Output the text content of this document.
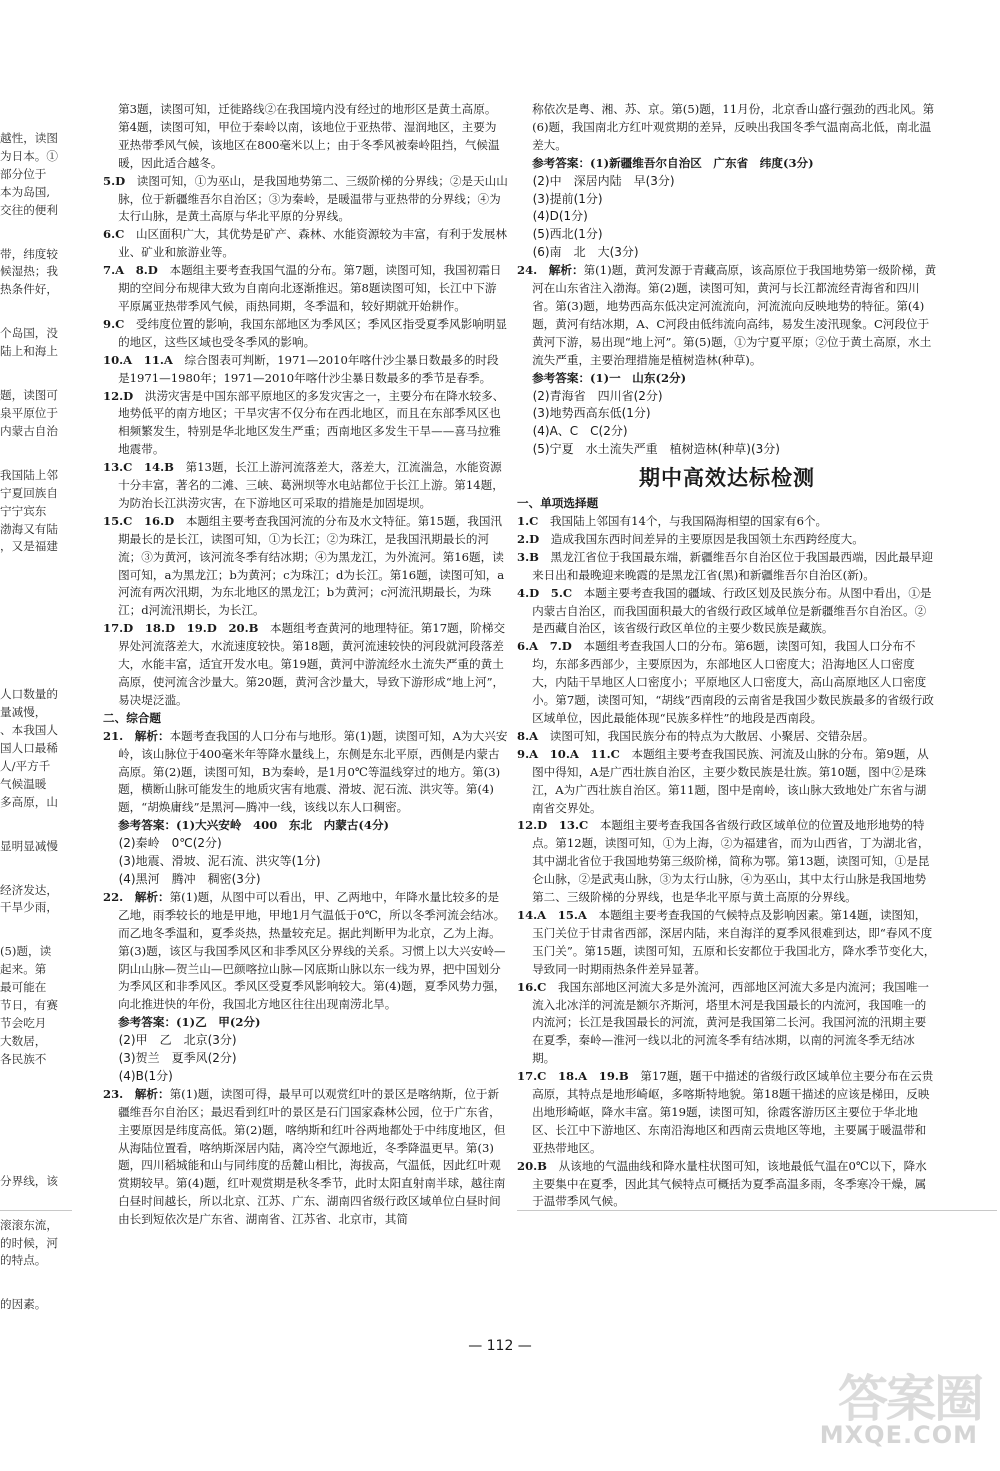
越性，读图

为日本。①

部分位于

本为岛国,

交往的便利

带，纬度较

候湿热；我

热条件好，

个岛国，没

陆上和海上

题，读图可

泉平原位于

内蒙古自治

我国陆上邻

宁夏回族自

宁宁宾东

渤海又有陆

，又是福建

人口数量的

量减慢，

、本我国人

国人口最稀

人/平方千

气候温暖

多高原，山

显明显减慢

经济发达，

干旱少雨，

(5)题，读

起来。第

最可能在

节日，有赛

节会吃月

大数居，

各民族不

分界线，该

滚滚东流，

的时候，河

的特点。

的因素。

第3题，读图可知，迁徙路线②在我国境内没有经过的地形区是黄土高原。第4题，读图可知，甲位于秦岭以南，该地位于亚热带、湿润地区，主要为亚热带季风气候，该地区在800毫米以上；由于冬季风被秦岭阻挡，气候温暖，因此适合越冬。

5.D　 读图可知，①为巫山，是我国地势第二、三级阶梯的分界线；②是天山山脉，位于新疆维吾尔自治区；③为秦岭，是暖温带与亚热带的分界线；④为太行山脉，是黄土高原与华北平原的分界线。

6.C　 山区面积广大，其优势是矿产、森林、水能资源较为丰富，有利于发展林业、矿业和旅游业等。

7.A　8.D　 本题组主要考查我国气温的分布。第7题，读图可知，我国初霜日期的空间分布规律大致为自南向北逐渐推迟。第8题读图可知，长江中下游平原属亚热带季风气候，雨热同期，冬季温和，较好期就开始耕作。

9.C　 受纬度位置的影响，我国东部地区为季风区；季风区指受夏季风影响明显的地区，这些区域也受冬季风的影响。

10.A　11.A　 综合图表可判断，1971—2010年喀什沙尘暴日数最多的时段是1971—1980年；1971—2010年喀什沙尘暴日数最多的季节是春季。

12.D　 洪涝灾害是中国东部平原地区的多发灾害之一，主要分布在降水较多、地势低平的南方地区；干旱灾害不仅分布在西北地区，而且在东部季风区也相频繁发生，特别是华北地区发生严重；西南地区多发生干旱——喜马拉雅地震带。

13.C　14.B　 第13题，长江上游河流落差大，落差大，江流湍急，水能资源十分丰富，著名的二滩、三峡、葛洲坝等水电站都位于长江上游。第14题，为防治长江洪涝灾害，在下游地区可采取的措施是加固堤坝。

15.C　16.D　 本题组主要考查我国河流的分布及水文特征。第15题，我国汛期最长的是长江，读图可知，①为长江；②为珠江，是我国汛期最长的河流；③为黄河，该河流冬季有结冰期；④为黑龙江，为外流河。第16题，读图可知，a为黑龙江；b为黄河；c为珠江；d为长江。第16题，读图可知，a河流有两次汛期，为东北地区的黑龙江；b为黄河；c河流汛期最长，为珠江；d河流汛期长，为长江。

17.D　18.D　19.D　20.B　 本题组考查黄河的地理特征。第17题，阶梯交界处河流落差大，水流速度较快。第18题，黄河流速较快的河段就河段落差大，水能丰富，适宜开发水电。第19题，黄河中游流经水土流失严重的黄土高原，使河流含沙量大。第20题，黄河含沙量大，导致下游形成“地上河”，易决堤泛滥。

二、综合题

21.　 解析：本题考查我国的人口分布与地形。第(1)题，读图可知，A为大兴安岭，该山脉位于400毫米年等降水量线上，东侧是东北平原，西侧是内蒙古高原。第(2)题，读图可知，B为秦岭，是1月0℃等温线穿过的地方。第(3)题，横断山脉可能发生的地质灾害有地震、滑坡、泥石流、洪灾等。第(4)题，“胡焕庸线”是黑河—腾冲一线，该线以东人口稠密。

参考答案：(1)大兴安岭　400　东北　内蒙古(4分)

(2)秦岭　0℃(2分)

(3)地震、滑坡、泥石流、洪灾等(1分)

(4)黑河　腾冲　稠密(3分)

22.　 解析：第(1)题，从图中可以看出，甲、乙两地中，年降水量比较多的是乙地，雨季较长的地是甲地，甲地1月气温低于0℃，所以冬季河流会结冰。而乙地冬季温和，夏季炎热，热量较充足。据此判断甲为北京，乙为上海。第(3)题，该区与我国季风区和非季风区分界线的关系。习惯上以大兴安岭—阴山山脉—贺兰山—巴颜喀拉山脉—冈底斯山脉以东一线为界，把中国划分为季风区和非季风区。季风区受夏季风影响较大。第(4)题，夏季风势力强，向北推进快的年份，我国北方地区往往出现南涝北旱。

参考答案：(1)乙　甲(2分)

(2)甲　乙　北京(3分)

(3)贺兰　夏季风(2分)

(4)B(1分)

23.　 解析：第(1)题，读图可得，最早可以观赏红叶的景区是喀纳斯，位于新疆维吾尔自治区；最迟看到红叶的景区是石门国家森林公园，位于广东省，主要原因是纬度高低。第(2)题，喀纳斯和红叶谷两地都处于中纬度地区，但从海陆位置看，喀纳斯深居内陆，离冷空气源地近，冬季降温更早。第(3)题，四川稻城能和山与同纬度的岳麓山相比，海拔高，气温低，因此红叶观赏期较早。第(4)题，红叶观赏期是秋冬季节，此时太阳直射南半球，越往南白昼时间越长，所以北京、江苏、广东、湖南四省级行政区域单位白昼时间由长到短依次是广东省、湖南省、江苏省、北京市，其简

称依次是粤、湘、苏、京。第(5)题，11月份，北京香山盛行强劲的西北风。第(6)题，我国南北方红叶观赏期的差异，反映出我国冬季气温南高北低，南北温差大。

参考答案：(1)新疆维吾尔自治区　广东省　纬度(3分)

(2)中　深居内陆　早(3分)

(3)提前(1分)

(4)D(1分)

(5)西北(1分)

(6)南　北　大(3分)

24.　 解析：第(1)题，黄河发源于青藏高原，该高原位于我国地势第一级阶梯，黄河在山东省注入渤海。第(2)题，读图可知，黄河与长江都流经青海省和四川省。第(3)题，地势西高东低决定河流流向，河流流向反映地势的特征。第(4)题，黄河有结冰期，A、C河段由低纬流向高纬，易发生凌汛现象。C河段位于黄河下游，易出现“地上河”。第(5)题，①为宁夏平原；②位于黄土高原，水土流失严重，主要治理措施是植树造林(种草)。

参考答案：(1)一　山东(2分)

(2)青海省　四川省(2分)

(3)地势西高东低(1分)

(4)A、C　C(2分)

(5)宁夏　水土流失严重　植树造林(种草)(3分)

期中高效达标检测

一、单项选择题

1.C　 我国陆上邻国有14个，与我国隔海相望的国家有6个。

2.D　 造成我国东西时间差异的主要原因是我国领土东西跨经度大。

3.B　 黑龙江省位于我国最东端，新疆维吾尔自治区位于我国最西端，因此最早迎来日出和最晚迎来晚霞的是黑龙江省(黑)和新疆维吾尔自治区(新)。

4.D　5.C　 本题主要考查我国的疆域、行政区划及民族分布。从图中看出，①是内蒙古自治区，而我国面积最大的省级行政区域单位是新疆维吾尔自治区。②是西藏自治区，该省级行政区单位的主要少数民族是藏族。

6.A　7.D　 本题组考查我国人口的分布。第6题，读图可知，我国人口分布不均，东部多西部少，主要原因为，东部地区人口密度大；沿海地区人口密度大，内陆干旱地区人口密度小；平原地区人口密度大，高山高原地区人口密度小。第7题，读图可知，“胡线”西南段的云南省是我国少数民族最多的省级行政区域单位，因此最能体现“民族多样性”的地段是西南段。

8.A　 读图可知，我国民族分布的特点为大散居、小聚居、交错杂居。

9.A　10.A　11.C　 本题组主要考查我国民族、河流及山脉的分布。第9题，从图中得知，A是广西壮族自治区，主要少数民族是壮族。第10题，图中②是珠江，A为广西壮族自治区。第11题，图中是南岭，该山脉大致地处广东省与湖南省交界处。

12.D　13.C　 本题组主要考查我国各省级行政区域单位的位置及地形地势的特点。第12题，读图可知，①为上海，②为福建省，而为山西省，丁为湖北省，其中湖北省位于我国地势第三级阶梯，简称为鄂。第13题，读图可知，①是昆仑山脉，②是武夷山脉，③为太行山脉，④为巫山，其中太行山脉是我国地势第二、三级阶梯的分界线，也是华北平原与黄土高原的分界线。

14.A　15.A　 本题组主要考查我国的气候特点及影响因素。第14题，读图知，玉门关位于甘肃省西部，深居内陆，来自海洋的夏季风很难到达，即“春风不度玉门关”。第15题，读图可知，五原和长安都位于我国北方，降水季节变化大，导致同一时期雨热条件差异显著。

16.C　 我国东部地区河流大多是外流河，西部地区河流大多是内流河；我国唯一流入北冰洋的河流是额尔齐斯河，塔里木河是我国最长的内流河，我国唯一的内流河；长江是我国最长的河流，黄河是我国第二长河。我国河流的汛期主要在夏季，秦岭—淮河一线以北的河流冬季有结冰期，以南的河流冬季无结冰期。

17.C　18.A　19.B　 第17题，题干中描述的省级行政区域单位主要分布在云贵高原，其特点是地形崎岖，多喀斯特地貌。第18题干描述的应该是梯田，反映出地形崎岖，降水丰富。第19题，读图可知，徐霞客游历区主要位于华北地区、长江中下游地区、东南沿海地区和西南云贵地区等地，主要属于暖温带和亚热带地区。

20.B　 从该地的气温曲线和降水量柱状图可知，该地最低气温在0℃以下，降水主要集中在夏季，因此其气候特点可概括为夏季高温多雨，冬季寒冷干燥，属于温带季风气候。

— 112 —
答案圈
MXQE.COM
